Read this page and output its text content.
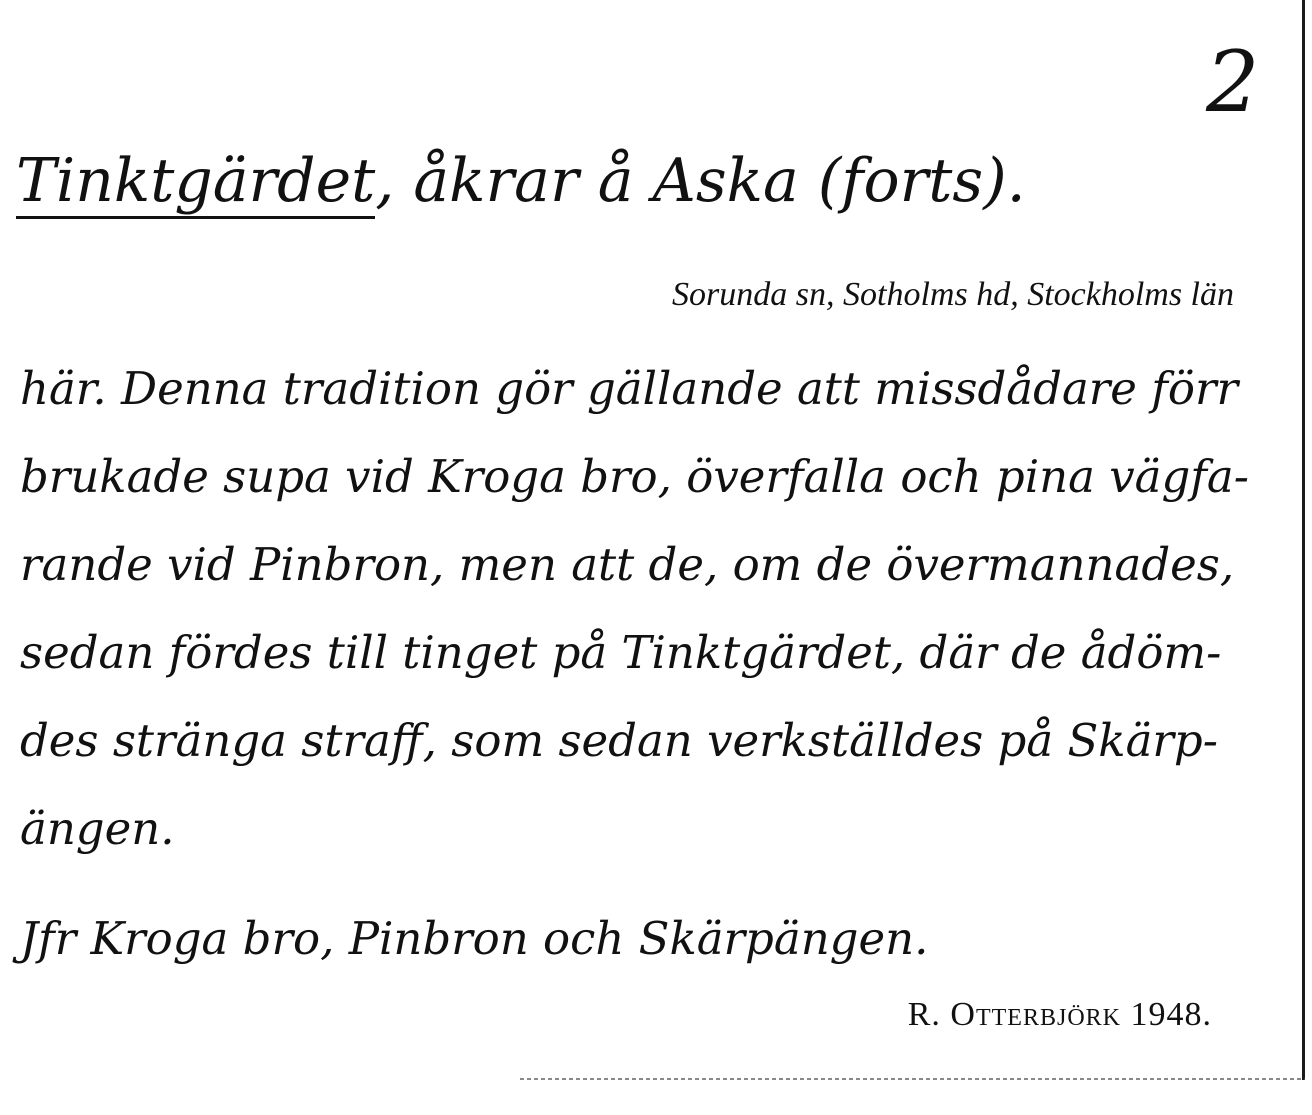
2
Tinktgärdet, åkrar å Aska (forts).
Sorunda sn, Sotholms hd, Stockholms län
här. Denna tradition gör gällande att missdådare förr
brukade supa vid Kroga bro, överfalla och pina vägfa-
rande vid Pinbron, men att de, om de övermannades,
sedan fördes till tinget på Tinktgärdet, där de ådöm-
des stränga straff, som sedan verkställdes på Skärp-
ängen.
Jfr Kroga bro, Pinbron och Skärpängen.
R. Otterbjörk 1948.
